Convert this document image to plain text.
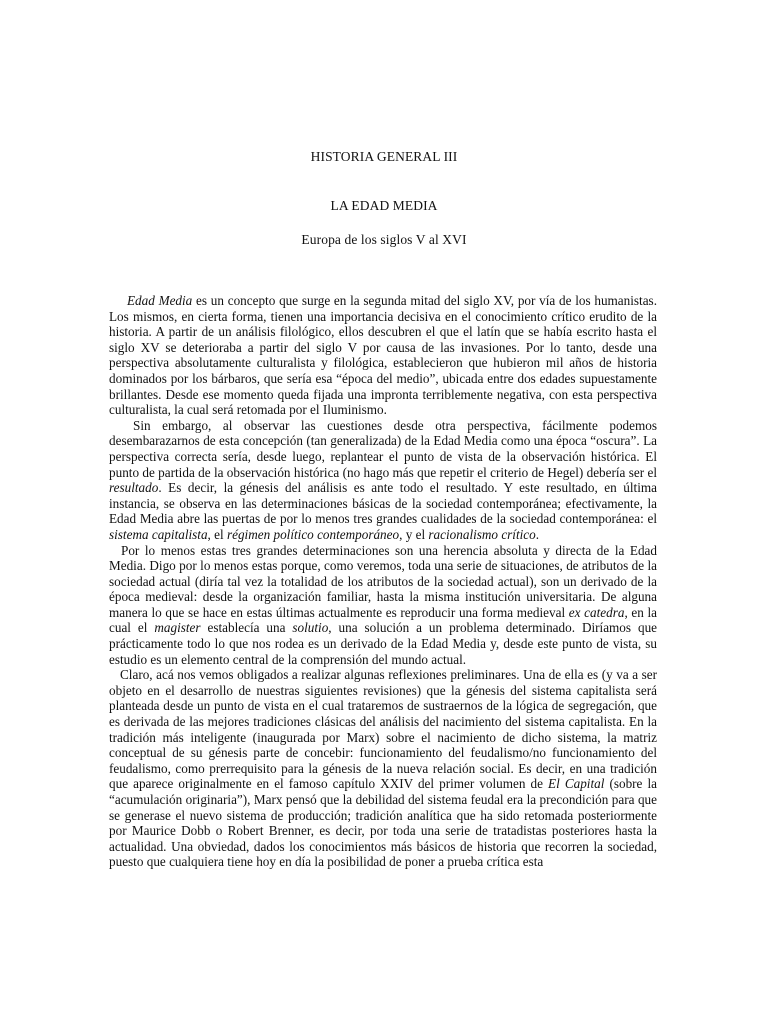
HISTORIA GENERAL III
LA EDAD MEDIA
Europa de los siglos V al XVI

Edad Media es un concepto que surge en la segunda mitad del siglo XV, por vía de los humanistas. Los mismos, en cierta forma, tienen una importancia decisiva en el conocimiento crítico erudito de la historia. A partir de un análisis filológico, ellos descubren el que el latín que se había escrito hasta el siglo XV se deterioraba a partir del siglo V por causa de las invasiones. Por lo tanto, desde una perspectiva absolutamente culturalista y filológica, establecieron que hubieron mil años de historia dominados por los bárbaros, que sería esa “época del medio”, ubicada entre dos edades supuestamente brillantes. Desde ese momento queda fijada una impronta terriblemente negativa, con esta perspectiva culturalista, la cual será retomada por el Iluminismo.

Sin embargo, al observar las cuestiones desde otra perspectiva, fácilmente podemos desembarazarnos de esta concepción (tan generalizada) de la Edad Media como una época “oscura”. La perspectiva correcta sería, desde luego, replantear el punto de vista de la observación histórica. El punto de partida de la observación histórica (no hago más que repetir el criterio de Hegel) debería ser el resultado. Es decir, la génesis del análisis es ante todo el resultado. Y este resultado, en última instancia, se observa en las determinaciones básicas de la sociedad contemporánea; efectivamente, la Edad Media abre las puertas de por lo menos tres grandes cualidades de la sociedad contemporánea: el sistema capitalista, el régimen político contemporáneo, y el racionalismo crítico.

Por lo menos estas tres grandes determinaciones son una herencia absoluta y directa de la Edad Media. Digo por lo menos estas porque, como veremos, toda una serie de situaciones, de atributos de la sociedad actual (diría tal vez la totalidad de los atributos de la sociedad actual), son un derivado de la época medieval: desde la organización familiar, hasta la misma institución universitaria. De alguna manera lo que se hace en estas últimas actualmente es reproducir una forma medieval ex catedra, en la cual el magister establecía una solutio, una solución a un problema determinado. Diríamos que prácticamente todo lo que nos rodea es un derivado de la Edad Media y, desde este punto de vista, su estudio es un elemento central de la comprensión del mundo actual.

Claro, acá nos vemos obligados a realizar algunas reflexiones preliminares. Una de ella es (y va a ser objeto en el desarrollo de nuestras siguientes revisiones) que la génesis del sistema capitalista será planteada desde un punto de vista en el cual trataremos de sustraernos de la lógica de segregación, que es derivada de las mejores tradiciones clásicas del análisis del nacimiento del sistema capitalista. En la tradición más inteligente (inaugurada por Marx) sobre el nacimiento de dicho sistema, la matriz conceptual de su génesis parte de concebir: funcionamiento del feudalismo/no funcionamiento del feudalismo, como prerrequisito para la génesis de la nueva relación social. Es decir, en una tradición que aparece originalmente en el famoso capítulo XXIV del primer volumen de El Capital (sobre la “acumulación originaria”), Marx pensó que la debilidad del sistema feudal era la precondición para que se generase el nuevo sistema de producción; tradición analítica que ha sido retomada posteriormente por Maurice Dobb o Robert Brenner, es decir, por toda una serie de tratadistas posteriores hasta la actualidad. Una obviedad, dados los conocimientos más básicos de historia que recorren la sociedad, puesto que cualquiera tiene hoy en día la posibilidad de poner a prueba crítica esta
